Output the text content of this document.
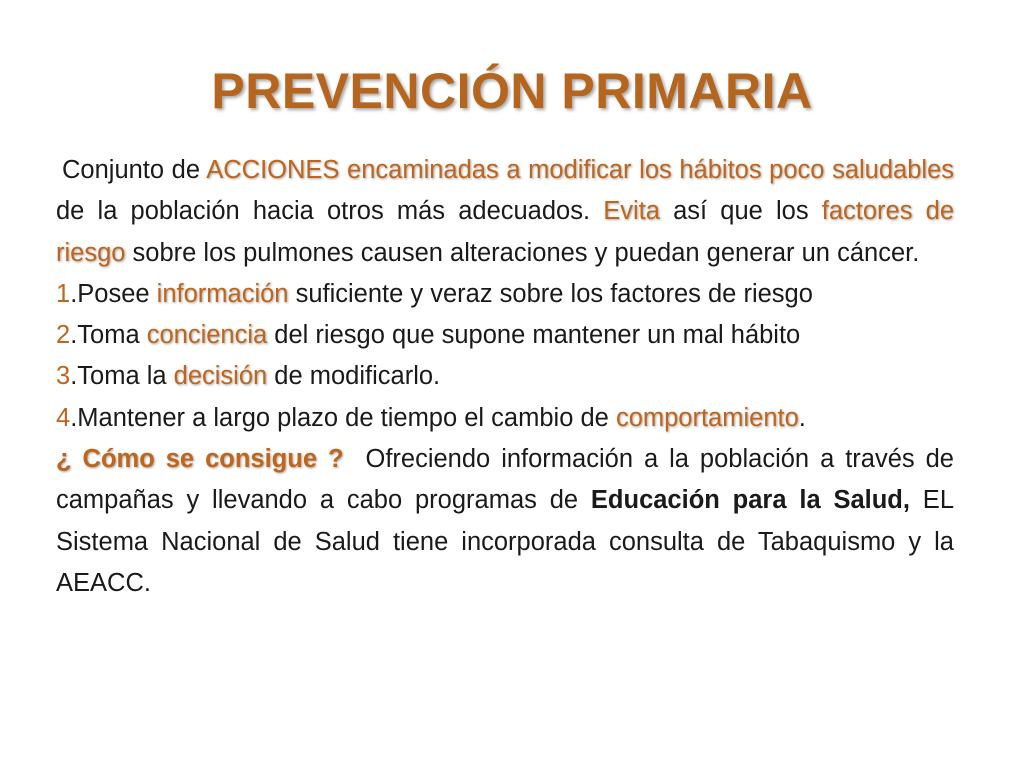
PREVENCIÓN PRIMARIA

Conjunto de ACCIONES encaminadas a modificar los hábitos poco saludables de la población hacia otros más adecuados. Evita así que los factores de riesgo sobre los pulmones causen alteraciones y puedan generar un cáncer.

1.Posee información suficiente y veraz sobre los factores de riesgo

2.Toma conciencia del riesgo que supone mantener un mal hábito

3.Toma la decisión de modificarlo.

4.Mantener a largo plazo de tiempo el cambio de comportamiento.

¿ Cómo se consigue ?  Ofreciendo información a la población a través de campañas y llevando a cabo programas de Educación para la Salud, EL Sistema Nacional de Salud tiene incorporada consulta de Tabaquismo y la AEACC.
